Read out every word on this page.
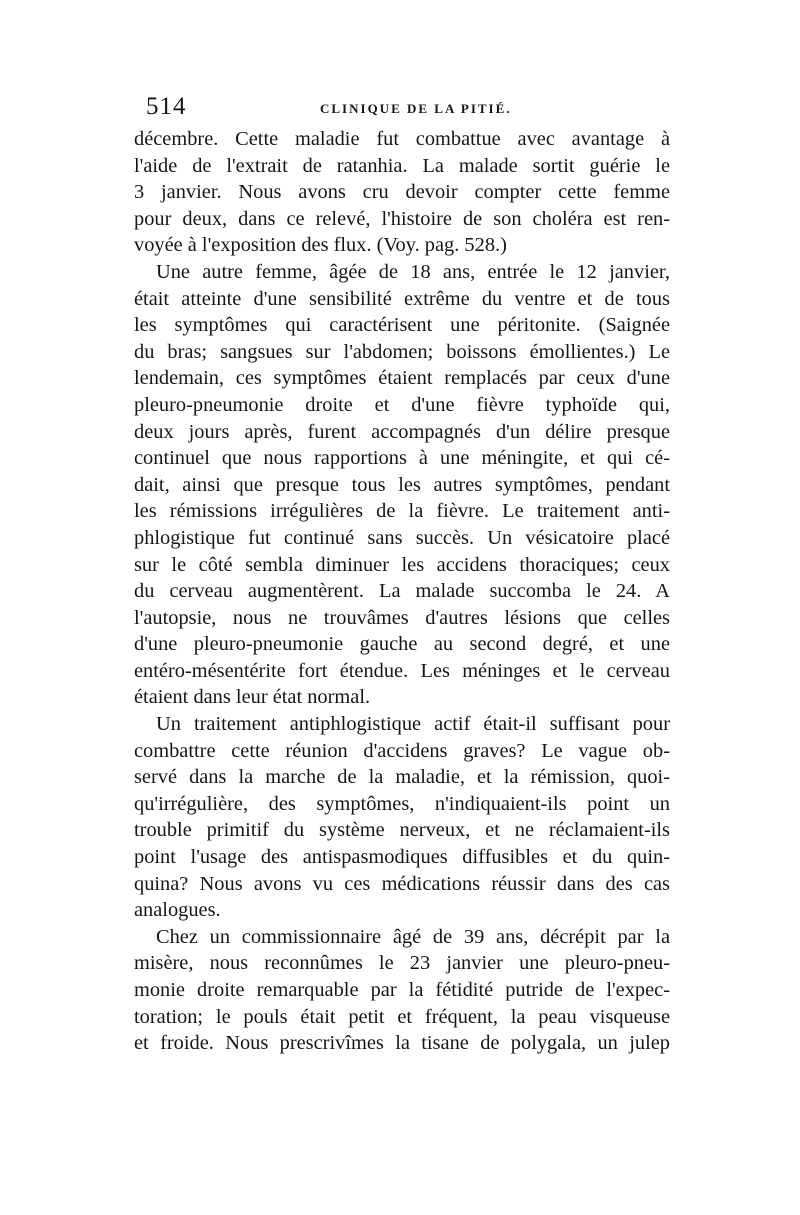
514	CLINIQUE DE LA PITIÉ.
décembre. Cette maladie fut combattue avec avantage à
l'aide de l'extrait de ratanhia. La malade sortit guérie le
3 janvier. Nous avons cru devoir compter cette femme
pour deux, dans ce relevé, l'histoire de son choléra est ren-
voyée à l'exposition des flux. (Voy. pag. 528.)
Une autre femme, âgée de 18 ans, entrée le 12 janvier,
était atteinte d'une sensibilité extrême du ventre et de tous
les symptômes qui caractérisent une péritonite. (Saignée
du bras; sangsues sur l'abdomen; boissons émollientes.) Le
lendemain, ces symptômes étaient remplacés par ceux d'une
pleuro-pneumonie droite et d'une fièvre typhoïde qui,
deux jours après, furent accompagnés d'un délire presque
continuel que nous rapportions à une méningite, et qui cé-
dait, ainsi que presque tous les autres symptômes, pendant
les rémissions irrégulières de la fièvre. Le traitement anti-
phlogistique fut continué sans succès. Un vésicatoire placé
sur le côté sembla diminuer les accidens thoraciques; ceux
du cerveau augmentèrent. La malade succomba le 24. A
l'autopsie, nous ne trouvâmes d'autres lésions que celles
d'une pleuro-pneumonie gauche au second degré, et une
entéro-mésentérite fort étendue. Les méninges et le cerveau
étaient dans leur état normal.
Un traitement antiphlogistique actif était-il suffisant pour
combattre cette réunion d'accidens graves? Le vague ob-
servé dans la marche de la maladie, et la rémission, quoi-
qu'irrégulière, des symptômes, n'indiquaient-ils point un
trouble primitif du système nerveux, et ne réclamaient-ils
point l'usage des antispasmodiques diffusibles et du quin-
quina? Nous avons vu ces médications réussir dans des cas
analogues.
Chez un commissionnaire âgé de 39 ans, décrépit par la
misère, nous reconnûmes le 23 janvier une pleuro-pneu-
monie droite remarquable par la fétidité putride de l'expec-
toration; le pouls était petit et fréquent, la peau visqueuse
et froide. Nous prescrivîmes la tisane de polygala, un julep
